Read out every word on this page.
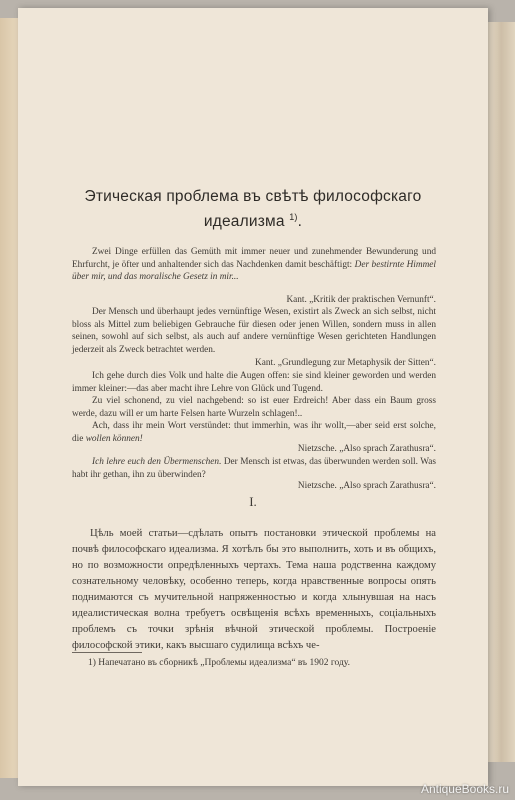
Этическая проблема въ свѣтѣ философскаго
идеализма $^{1)}$.

Zwei Dinge erfüllen das Gemüth mit immer neuer und zunehmender Bewunderung und Ehrfurcht, je öfter und anhaltender sich das Nachdenken damit beschäftigt: Der bestirnte Himmel über mir, und das moralische Gesetz in mir...

Kant. „Kritik der praktischen Vernunft“.

Der Mensch und überhaupt jedes vernünftige Wesen, existirt als Zweck an sich selbst, nicht bloss als Mittel zum beliebigen Gebrauche für diesen oder jenen Willen, sondern muss in allen seinen, sowohl auf sich selbst, als auch auf andere vernünftige Wesen gerichteten Handlungen jederzeit als Zweck betrachtet werden.

Kant. „Grundlegung zur Metaphysik der Sitten“.

Ich gehe durch dies Volk und halte die Augen offen: sie sind kleiner geworden und werden immer kleiner:—das aber macht ihre Lehre von Glück und Tugend.

Zu viel schonend, zu viel nachgebend: so ist euer Erdreich! Aber dass ein Baum gross werde, dazu will er um harte Felsen harte Wurzeln schlagen!..

Ach, dass ihr mein Wort verstündet: thut immerhin, was ihr wollt,—aber seid erst solche, die wollen können!

Nietzsche. „Also sprach Zarathusra“.

Ich lehre euch den Übermenschen. Der Mensch ist etwas, das überwunden werden soll. Was habt ihr gethan, ihn zu überwinden?

Nietzsche. „Also sprach Zarathusra“.
I.

Цѣль моей статьи—сдѣлать опытъ постановки этической проблемы на почвѣ философскаго идеализма. Я хотѣлъ бы это выполнить, хоть и въ общихъ, но по возможности опредѣленныхъ чертахъ. Тема наша родственна каждому сознательному человѣку, особенно теперь, когда нравственные вопросы опять поднимаются съ мучительной напряженностью и когда хлынувшая на насъ идеалистическая волна требуетъ освѣщенія всѣхъ временныхъ, соціальныхъ проблемъ съ точки зрѣнія вѣчной этической проблемы. Построеніе философской этики, какъ высшаго судилища всѣхъ че-

1) Напечатано въ сборникѣ „Проблемы идеализма“ въ 1902 году.
AntiqueBooks.ru
